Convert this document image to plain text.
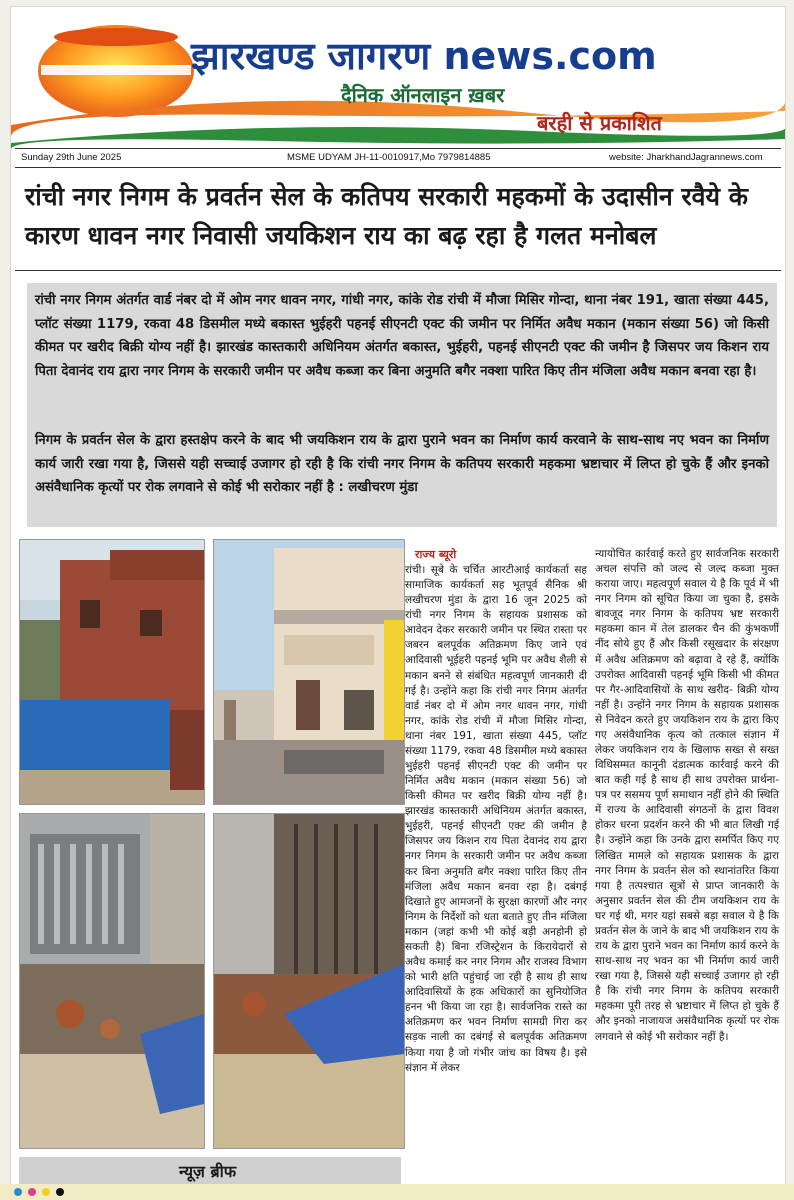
झारखण्ड जागरण news.com
दैनिक ऑनलाइन ख़बर
बरही से प्रकाशित
Sunday 29th June 2025	MSME UDYAM JH-11-0010917,Mo 7979814885	website: JharkhandJagrannews.com
रांची नगर निगम के प्रवर्तन सेल के कतिपय सरकारी महकमों के उदासीन रवैये के कारण धावन नगर निवासी जयकिशन राय का बढ़ रहा है गलत मनोबल

रांची नगर निगम अंतर्गत वार्ड नंबर दो में ओम नगर धावन नगर, गांधी नगर, कांके रोड रांची में मौजा मिसिर गोन्दा, थाना नंबर 191, खाता संख्या 445, प्लॉट संख्या 1179, रकवा 48 डिसमील मध्ये बकास्त भुईहरी पहनई सीएनटी एक्ट की जमीन पर निर्मित अवैध मकान (मकान संख्या 56) जो किसी कीमत पर खरीद बिक्री योग्य नहीं है। झारखंड कास्तकारी अधिनियम अंतर्गत बकास्त, भुईहरी, पहनई सीएनटी एक्ट की जमीन है जिसपर जय किशन राय पिता देवानंद राय द्वारा नगर निगम के सरकारी जमीन पर अवैध कब्जा कर बिना अनुमति बगैर नक्शा पारित किए तीन मंजिला अवैध मकान बनवा रहा है।

निगम के प्रवर्तन सेल के द्वारा हस्तक्षेप करने के बाद भी जयकिशन राय के द्वारा पुराने भवन का निर्माण कार्य करवाने के साथ-साथ नए भवन का निर्माण कार्य जारी रखा गया है, जिससे यही सच्चाई उजागर हो रही है कि रांची नगर निगम के कतिपय सरकारी महकमा भ्रष्टाचार में लिप्त हो चुके हैं और इनको असंवैधानिक कृत्यों पर रोक लगवाने से कोई भी सरोकार नहीं है : लखीचरण मुंडा

न्यूज़ ब्रीफ
राज्य ब्यूरो

रांची। सूबे के चर्चित आरटीआई कार्यकर्ता सह सामाजिक कार्यकर्ता सह भूतपूर्व सैनिक श्री लखीचरण मुंडा के द्वारा 16 जून 2025 को रांची नगर निगम के सहायक प्रशासक को आवेदन देकर सरकारी जमीन पर स्थित रास्ता पर जबरन बलपूर्वक अतिक्रमण किए जाने एवं आदिवासी भूईहरी पहनई भूमि पर अवैध शैली से मकान बनने से संबंधित महत्वपूर्ण जानकारी दी गई है। उन्होंने कहा कि रांची नगर निगम अंतर्गत वार्ड नंबर दो में ओम नगर धावन नगर, गांधी नगर, कांके रोड रांची में मौजा मिसिर गोन्दा, थाना नंबर 191, खाता संख्या 445, प्लॉट संख्या 1179, रकवा 48 डिसमील मध्ये बकास्त भुईहरी पहनई सीएनटी एक्ट की जमीन पर निर्मित अवैध मकान (मकान संख्या 56) जो किसी कीमत पर खरीद बिक्री योग्य नहीं है। झारखंड कास्तकारी अधिनियम अंतर्गत बकास्त, भुईहरी, पहनई सीएनटी एक्ट की जमीन है जिसपर जय किशन राय पिता देवानंद राय द्वारा नगर निगम के सरकारी जमीन पर अवैध कब्जा कर बिना अनुमति बगैर नक्शा पारित किए तीन मंजिला अवैध मकान बनवा रहा है। दबंगई दिखाते हुए आमजनों के सुरक्षा कारणों और नगर निगम के निर्देशों को धता बताते हुए तीन मंजिला मकान (जहां कभी भी कोई बड़ी अनहोनी हो सकती है) बिना रजिस्ट्रेशन के किरायेदारों से अवैध कमाई कर नगर निगम और राजस्व विभाग को भारी क्षति पहुंचाई जा रही है साथ ही साथ आदिवासियों के हक अधिकारों का सुनियोजित हनन भी किया जा रहा है। सार्वजनिक रास्ते का अतिक्रमण कर भवन निर्माण सामग्री गिरा कर सड़क नाली का दबंगई से बलपूर्वक अतिक्रमण किया गया है जो गंभीर जांच का विषय है। इसे संज्ञान में लेकर

न्यायोचित कार्रवाई करते हुए सार्वजनिक सरकारी अचल संपत्ति को जल्द से जल्द कब्जा मुक्त कराया जाए। महत्वपूर्ण सवाल ये है कि पूर्व में भी नगर निगम को सूचित किया जा चुका है, इसके बावजूद नगर निगम के कतिपय भ्रष्ट सरकारी महकमा कान में तेल डालकर चैन की कुंभकर्णी नींद सोये हुए हैं और किसी रसूखदार के संरक्षण में अवैध अतिक्रमण को बढ़ावा दे रहे हैं, क्योंकि उपरोक्त आदिवासी पहनई भूमि किसी भी कीमत पर गैर-आदिवासियों के साथ खरीद- बिक्री योग्य नहीं है। उन्होंने नगर निगम के सहायक प्रशासक से निवेदन करते हुए जयकिशन राय के द्वारा किए गए असंवैधानिक कृत्य को तत्काल संज्ञान में लेकर जयकिशन राय के खिलाफ सख्त से सख्त विधिसम्मत कानूनी दंडात्मक कार्रवाई करने की बात कही गई है साथ ही साथ उपरोक्त प्रार्थना-पत्र पर ससमय पूर्ण समाधान नहीं होने की स्थिति में राज्य के आदिवासी संगठनों के द्वारा विवश होकर धरना प्रदर्शन करने की भी बात लिखी गई है। उन्होंने कहा कि उनके द्वारा समर्पित किए गए लिखित मामले को सहायक प्रशासक के द्वारा नगर निगम के प्रवर्तन सेल को स्थानांतरित किया गया है तत्पश्चात सूत्रों से प्राप्त जानकारी के अनुसार प्रवर्तन सेल की टीम जयकिशन राय के घर गई थी, मगर यहां सबसे बड़ा सवाल ये है कि प्रवर्तन सेल के जाने के बाद भी जयकिशन राय के राय के द्वारा पुराने भवन का निर्माण कार्य करने के साथ-साथ नए भवन का भी निर्माण कार्य जारी रखा गया है, जिससे यही सच्चाई उजागर हो रही है कि रांची नगर निगम के कतिपय सरकारी महकमा पूरी तरह से भ्रष्टाचार में लिप्त हो चुके हैं और इनको नाजायज असंवैधानिक कृत्यों पर रोक लगवाने से कोई भी सरोकार नहीं है।
